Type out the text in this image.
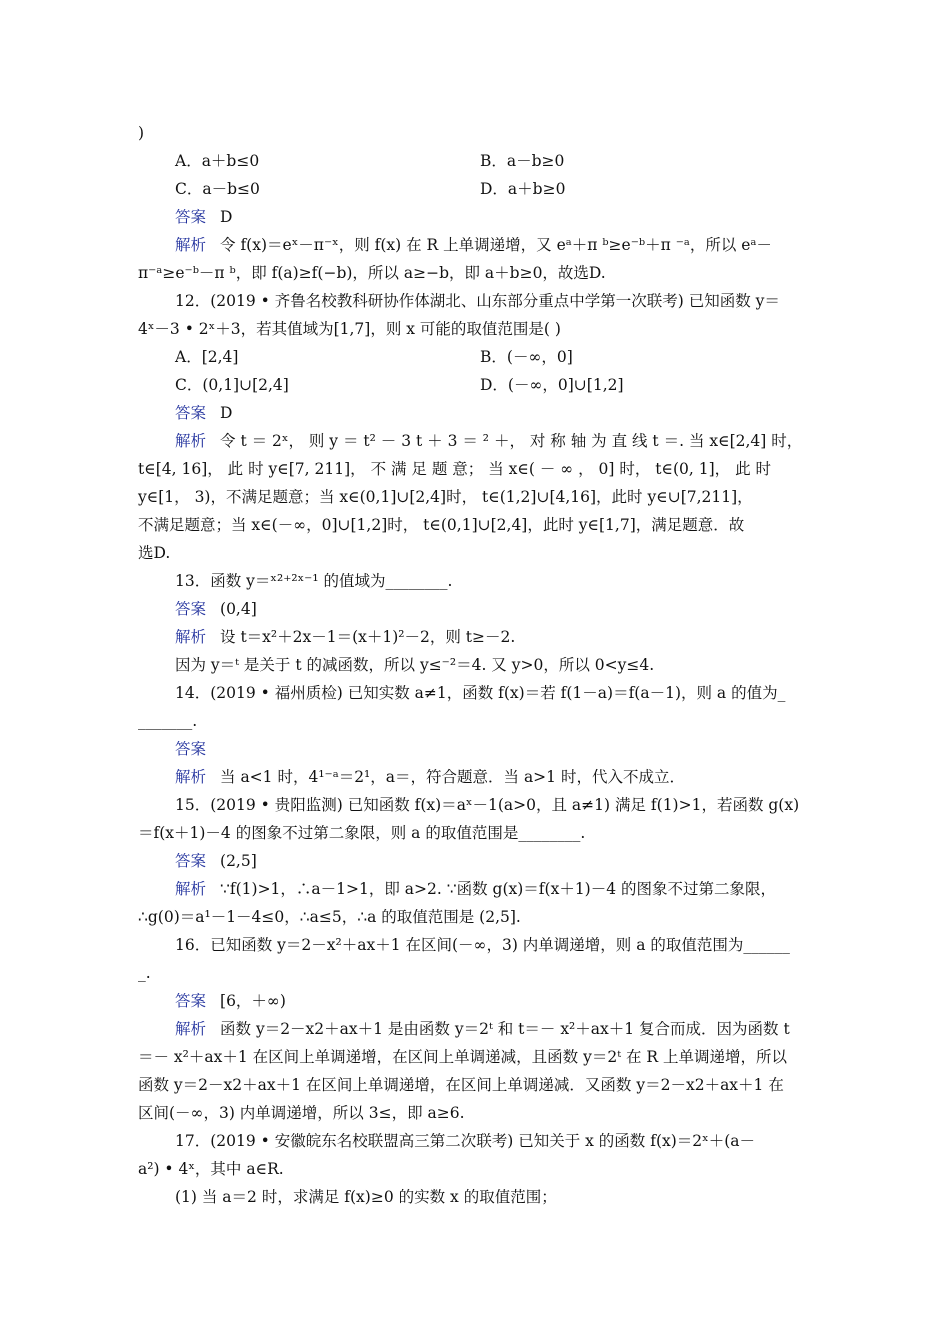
)
A．a＋b≤0	B．a－b≥0
C．a－b≤0	D．a＋b≥0
答案 D
解析 令 f(x)＝eˣ－π⁻ˣ，则 f(x) 在 R 上单调递增，又 eᵃ＋π ᵇ≥e⁻ᵇ＋π ⁻ᵃ，所以 eᵃ－
π⁻ᵃ≥e⁻ᵇ－π ᵇ，即 f(a)≥f(−b)，所以 a≥−b，即 a＋b≥0，故选D.
12．(2019 • 齐鲁名校教科研协作体湖北、山东部分重点中学第一次联考) 已知函数 y＝
4ˣ－3 • 2ˣ＋3，若其值域为[1,7]，则 x 可能的取值范围是( )
A．[2,4]	B．(－∞，0]
C．(0,1]∪[2,4]	D．(－∞，0]∪[1,2]
答案 D
解析 令 t ＝ 2ˣ， 则 y ＝ t² － 3 t ＋ 3 ＝ ² ＋， 对 称 轴 为 直 线 t ＝. 当 x∈[2,4] 时，
t∈[4, 16]， 此 时 y∈[7, 211]， 不 满 足 题 意； 当 x∈( － ∞ ， 0] 时， t∈(0, 1]， 此 时
y∈[1， 3)，不满足题意；当 x∈(0,1]∪[2,4]时， t∈(1,2]∪[4,16]，此时 y∈∪[7,211]，
不满足题意；当 x∈(－∞，0]∪[1,2]时， t∈(0,1]∪[2,4]，此时 y∈[1,7]，满足题意．故
选D.
13．函数 y＝ˣ²⁺²ˣ⁻¹ 的值域为________.
答案 (0,4]
解析 设 t＝x²＋2x－1＝(x＋1)²－2，则 t≥－2.
因为 y＝ᵗ 是关于 t 的减函数，所以 y≤⁻²＝4. 又 y>0，所以 0<y≤4.
14．(2019 • 福州质检) 已知实数 a≠1，函数 f(x)＝若 f(1－a)＝f(a－1)，则 a 的值为_
_______.
答案
解析 当 a<1 时，4¹⁻ᵃ＝2¹，a＝，符合题意．当 a>1 时，代入不成立．
15．(2019 • 贵阳监测) 已知函数 f(x)＝aˣ－1(a>0，且 a≠1) 满足 f(1)>1，若函数 g(x)
＝f(x＋1)－4 的图象不过第二象限，则 a 的取值范围是________.
答案 (2,5]
解析 ∵f(1)>1，∴a－1>1，即 a>2. ∵函数 g(x)＝f(x＋1)－4 的图象不过第二象限，
∴g(0)＝a¹－1－4≤0，∴a≤5，∴a 的取值范围是 (2,5].
16．已知函数 y＝2－x²＋ax＋1 在区间(－∞，3) 内单调递增，则 a 的取值范围为______
_.
答案 [6，＋∞)
解析 函数 y＝2－x2＋ax＋1 是由函数 y＝2ᵗ 和 t＝－ x²＋ax＋1 复合而成．因为函数 t
＝－ x²＋ax＋1 在区间上单调递增，在区间上单调递减，且函数 y＝2ᵗ 在 R 上单调递增，所以
函数 y＝2－x2＋ax＋1 在区间上单调递增，在区间上单调递减．又函数 y＝2－x2＋ax＋1 在
区间(－∞，3) 内单调递增，所以 3≤，即 a≥6.
17．(2019 • 安徽皖东名校联盟高三第二次联考) 已知关于 x 的函数 f(x)＝2ˣ＋(a－
a²) • 4ˣ，其中 a∈R.
(1) 当 a＝2 时，求满足 f(x)≥0 的实数 x 的取值范围；
